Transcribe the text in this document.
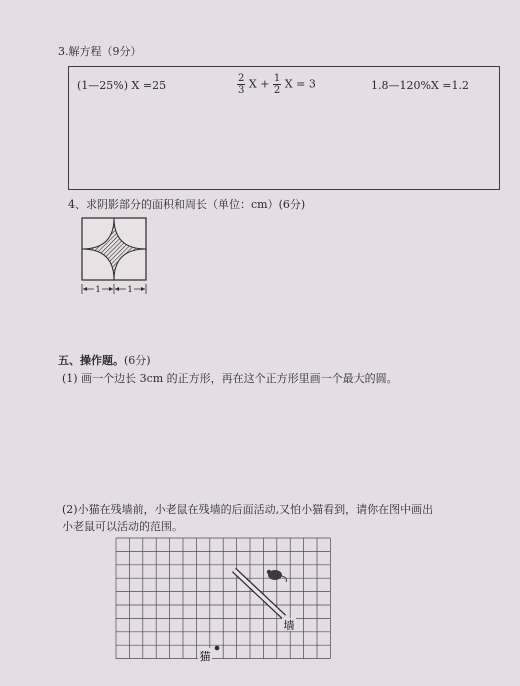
3.解方程（9分）
(1—25%) X =25	$\frac{2}{3}$ $X + \frac{1}{2}$ X = 3	1.8—120%X =1.2
4、求阴影部分的面积和周长（单位：cm）(6分)
1	1
五、操作题。(6分)
(1) 画一个边长 3cm 的正方形，再在这个正方形里画一个最大的圆。
(2)小猫在残墙前，小老鼠在残墙的后面活动,又怕小猫看到，请你在图中画出
小老鼠可以活动的范围。
墙
猫
